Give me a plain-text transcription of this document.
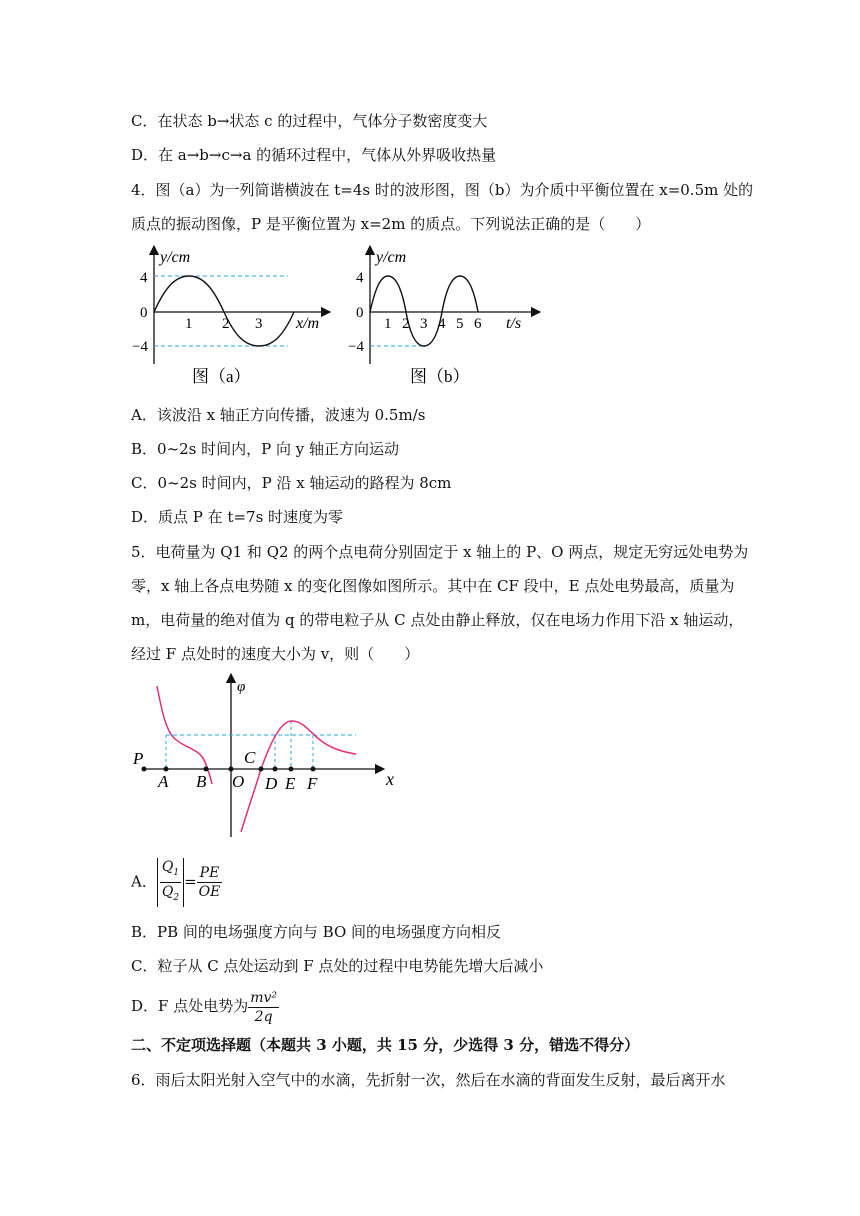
C．在状态 b→状态 c 的过程中，气体分子数密度变大
D．在 a→b→c→a 的循环过程中，气体从外界吸收热量
4．图（a）为一列简谐横波在 t=4s 时的波形图，图（b）为介质中平衡位置在 x=0.5m 处的
质点的振动图像，P 是平衡位置为 x=2m 的质点。下列说法正确的是（　　）
y/cm
4
0
−4
1 2 3 x/m
图（a）
y/cm
4
0
−4
1 2 3 4 5 6 t/s
图（b）
A．该波沿 x 轴正方向传播，波速为 0.5m/s
B．0~2s 时间内，P 向 y 轴正方向运动
C．0~2s 时间内，P 沿 x 轴运动的路程为 8cm
D．质点 P 在 t=7s 时速度为零
5．电荷量为 Q1 和 Q2 的两个点电荷分别固定于 x 轴上的 P、O 两点，规定无穷远处电势为
零，x 轴上各点电势随 x 的变化图像如图所示。其中在 CF 段中，E 点处电势最高，质量为
m，电荷量的绝对值为 q 的带电粒子从 C 点处由静止释放，仅在电场力作用下沿 x 轴运动，
经过 F 点处时的速度大小为 v，则（　　）
φ
x
P
A B O
C
D E F
A． $\frac{Q_1}{Q_2} = \frac{PE}{OE}$
B．PB 间的电场强度方向与 BO 间的电场强度方向相反
C．粒子从 C 点处运动到 F 点处的过程中电势能先增大后减小
D．F 点处电势为 $\frac{\text{mv²}}{2q}$
二、不定项选择题（本题共 3 小题，共 15 分，少选得 3 分，错选不得分）
6．雨后太阳光射入空气中的水滴，先折射一次，然后在水滴的背面发生反射，最后离开水
